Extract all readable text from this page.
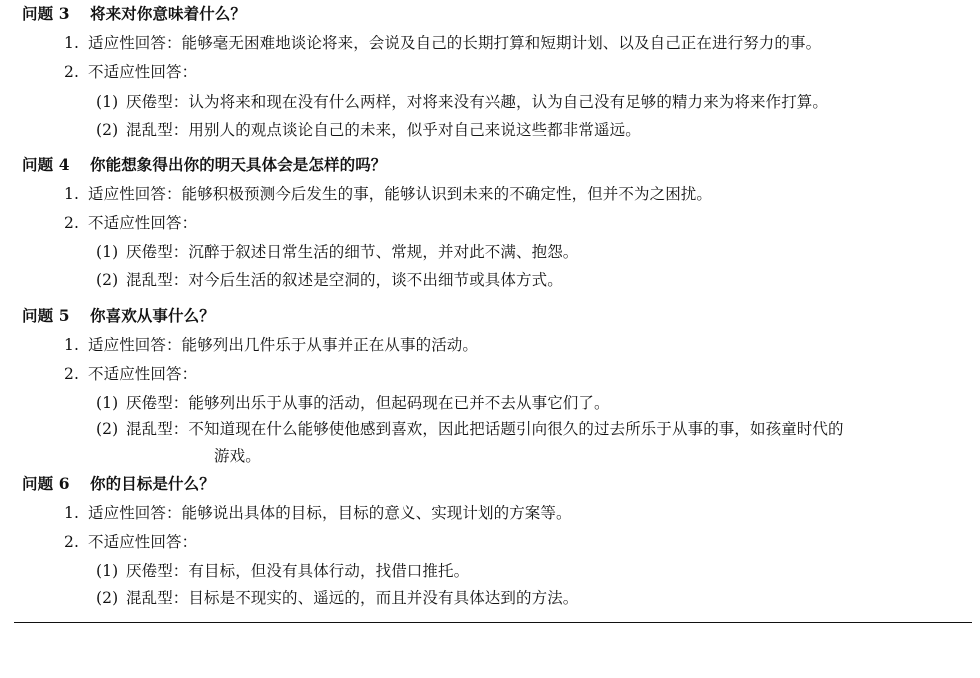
问题 3 将来对你意味着什么？
1. 适应性回答：能够毫无困难地谈论将来，会说及自己的长期打算和短期计划、以及自己正在进行努力的事。
2. 不适应性回答：
(1) 厌倦型：认为将来和现在没有什么两样，对将来没有兴趣，认为自己没有足够的精力来为将来作打算。
(2) 混乱型：用别人的观点谈论自己的未来，似乎对自己来说这些都非常遥远。
问题 4 你能想象得出你的明天具体会是怎样的吗？
1. 适应性回答：能够积极预测今后发生的事，能够认识到未来的不确定性，但并不为之困扰。
2. 不适应性回答：
(1) 厌倦型：沉醉于叙述日常生活的细节、常规，并对此不满、抱怨。
(2) 混乱型：对今后生活的叙述是空洞的，谈不出细节或具体方式。
问题 5 你喜欢从事什么？
1. 适应性回答：能够列出几件乐于从事并正在从事的活动。
2. 不适应性回答：
(1) 厌倦型：能够列出乐于从事的活动，但起码现在已并不去从事它们了。
(2) 混乱型：不知道现在什么能够使他感到喜欢，因此把话题引向很久的过去所乐于从事的事，如孩童时代的
游戏。
问题 6 你的目标是什么？
1. 适应性回答：能够说出具体的目标，目标的意义、实现计划的方案等。
2. 不适应性回答：
(1) 厌倦型：有目标，但没有具体行动，找借口推托。
(2) 混乱型：目标是不现实的、遥远的，而且并没有具体达到的方法。
